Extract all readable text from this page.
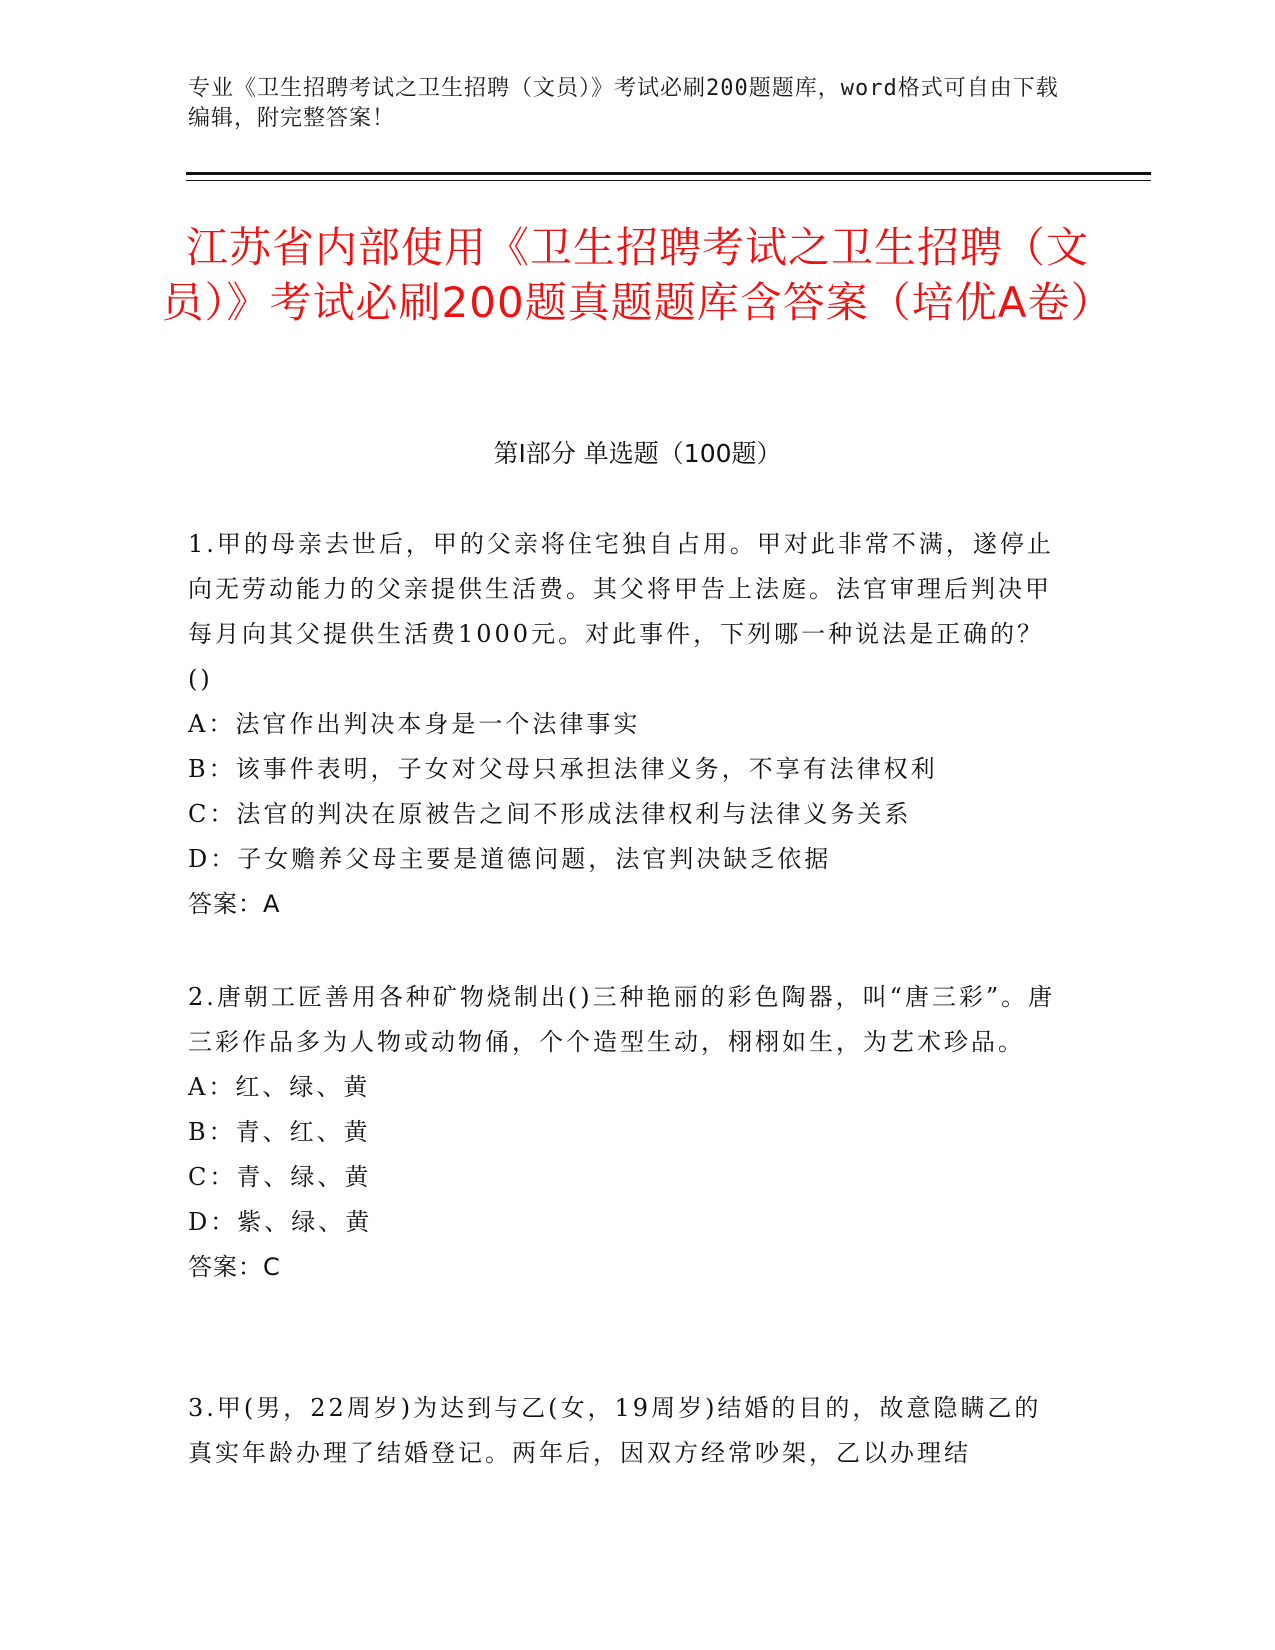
专业《卫生招聘考试之卫生招聘（文员）》考试必刷200题题库，word格式可自由下载编辑，附完整答案！
江苏省内部使用《卫生招聘考试之卫生招聘（文员）》考试必刷200题真题题库含答案（培优A卷）
第I部分 单选题（100题）
1.甲的母亲去世后，甲的父亲将住宅独自占用。甲对此非常不满，遂停止向无劳动能力的父亲提供生活费。其父将甲告上法庭。法官审理后判决甲每月向其父提供生活费1000元。对此事件，下列哪一种说法是正确的？()
A：法官作出判决本身是一个法律事实
B：该事件表明，子女对父母只承担法律义务，不享有法律权利
C：法官的判决在原被告之间不形成法律权利与法律义务关系
D：子女赡养父母主要是道德问题，法官判决缺乏依据
答案：A
2.唐朝工匠善用各种矿物烧制出()三种艳丽的彩色陶器，叫“唐三彩”。唐三彩作品多为人物或动物俑，个个造型生动，栩栩如生，为艺术珍品。
A：红、绿、黄
B：青、红、黄
C：青、绿、黄
D：紫、绿、黄
答案：C
3.甲(男，22周岁)为达到与乙(女，19周岁)结婚的目的，故意隐瞒乙的真实年龄办理了结婚登记。两年后，因双方经常吵架，乙以办理结
